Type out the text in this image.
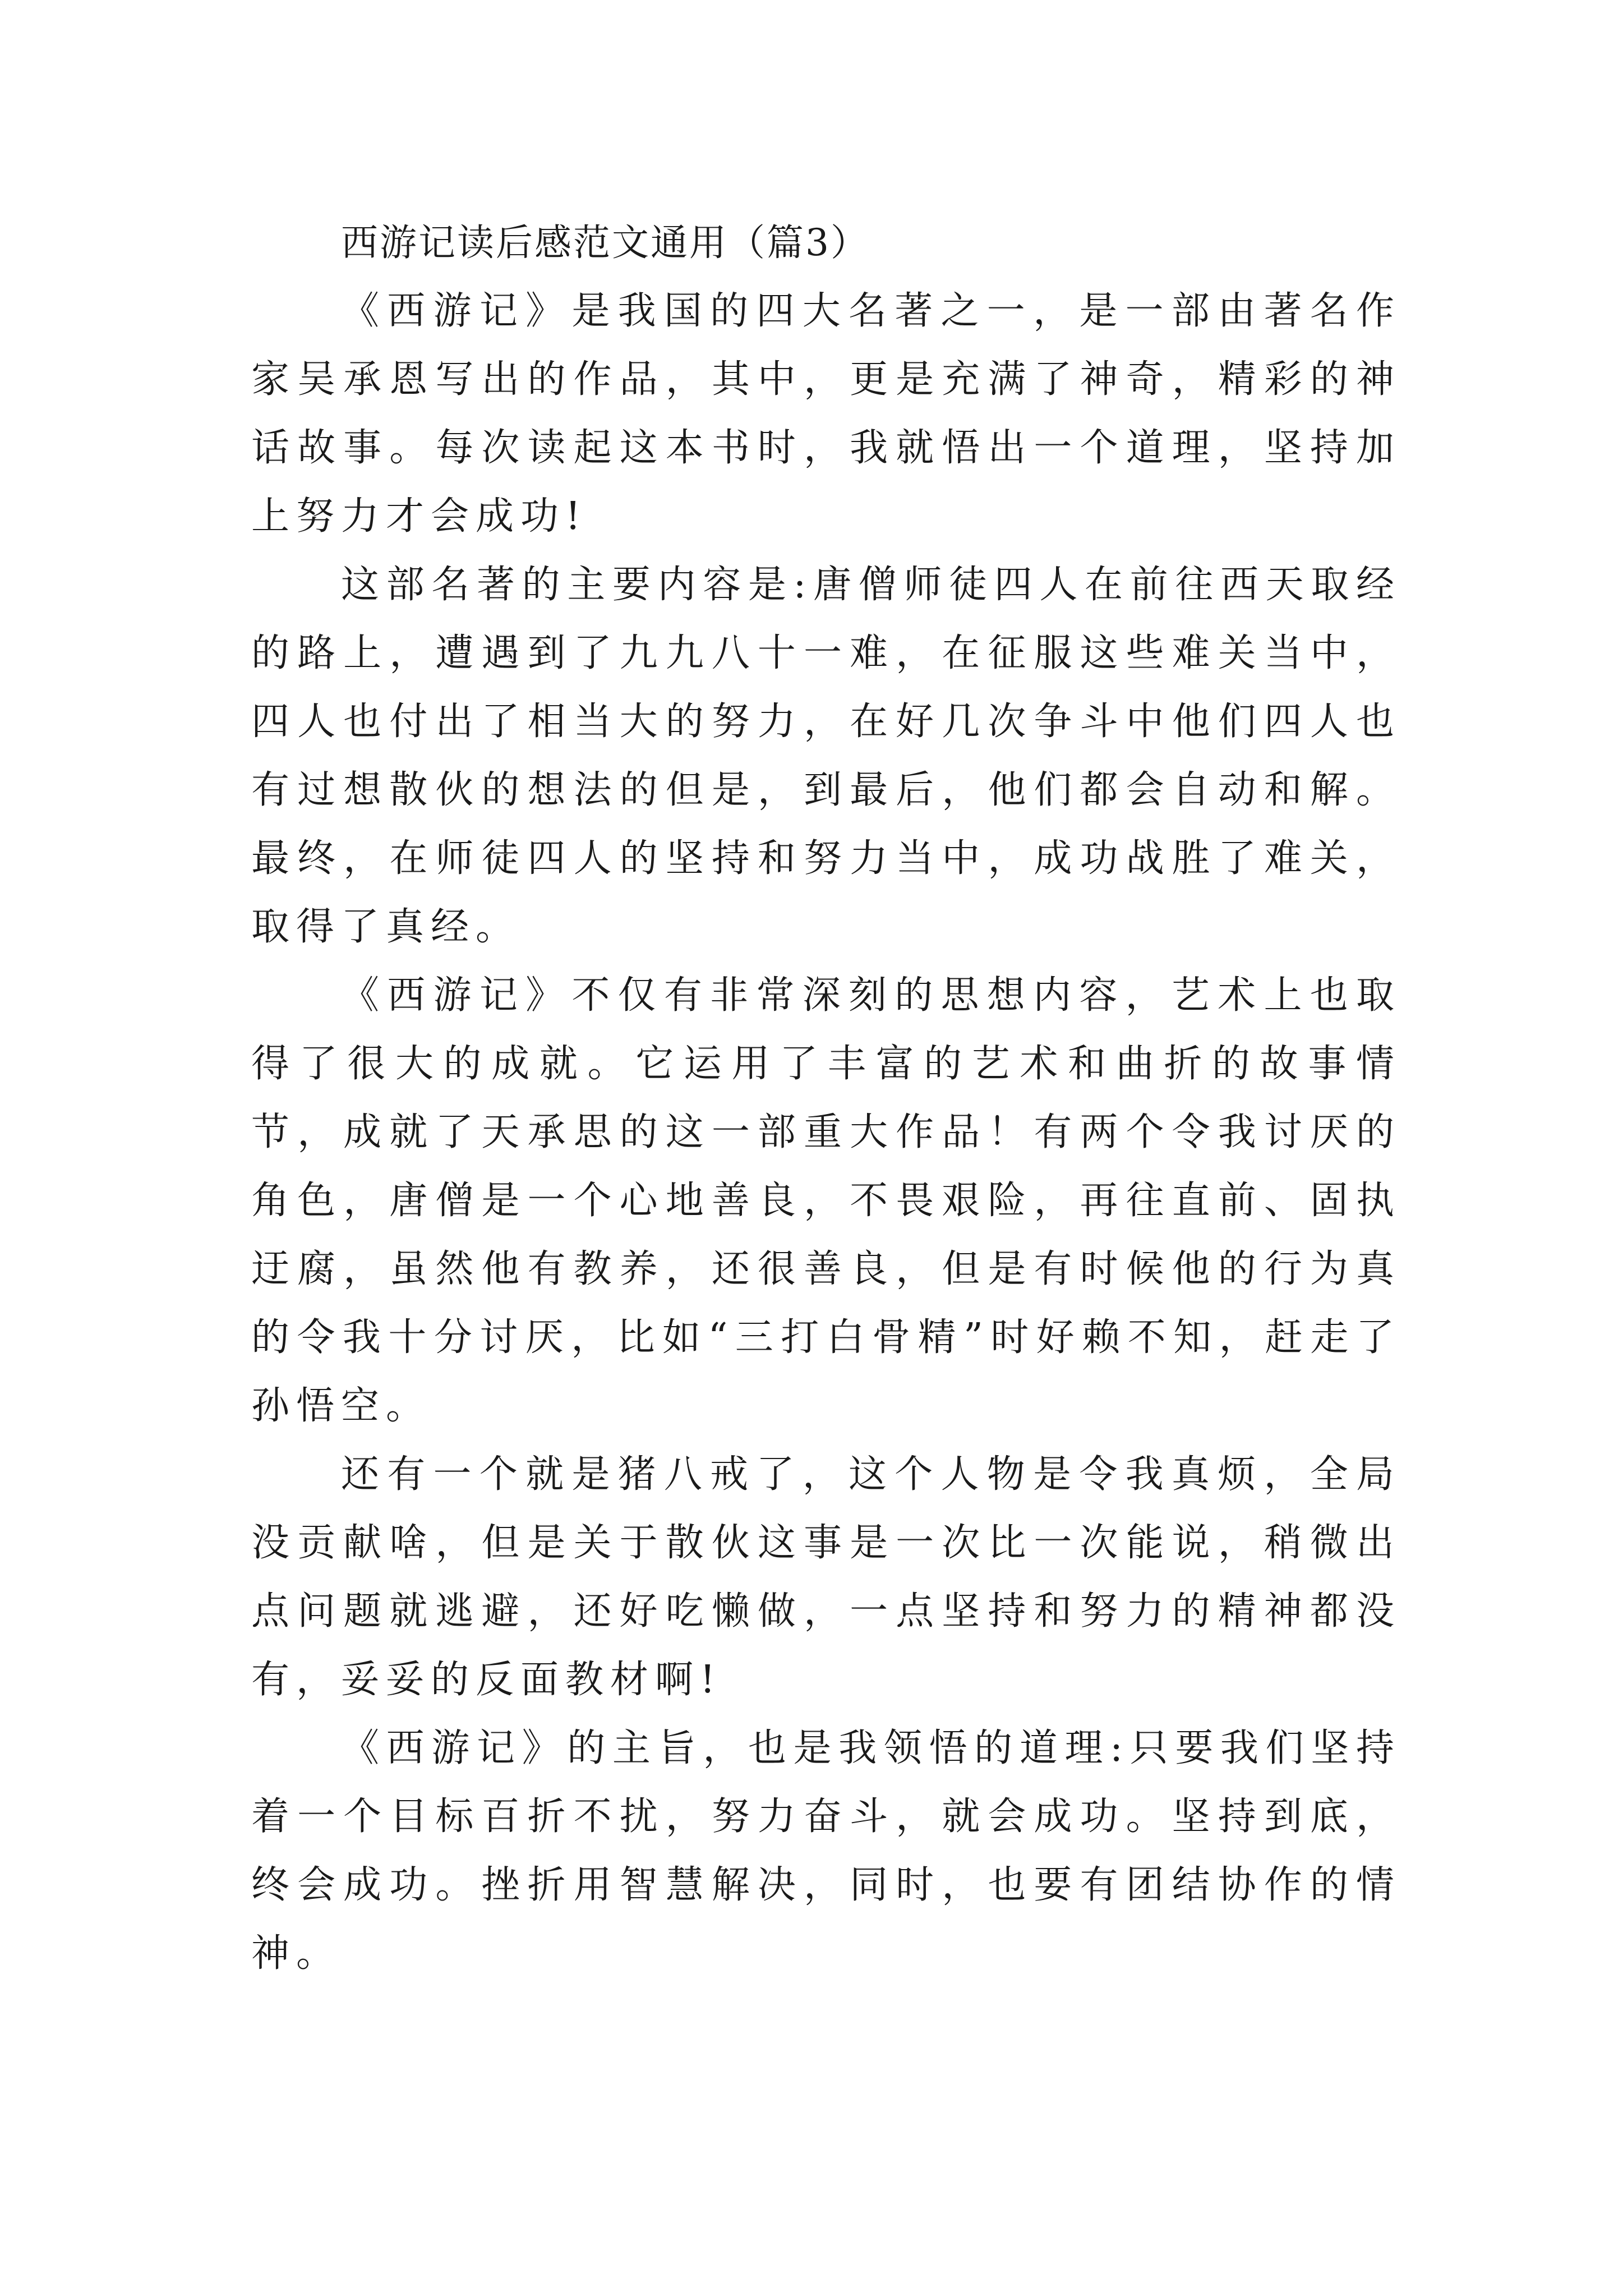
西游记读后感范文通用（篇3）

《西游记》是我国的四大名著之一，是一部由著名作家吴承恩写出的作品，其中，更是充满了神奇，精彩的神话故事。每次读起这本书时，我就悟出一个道理，坚持加上努力才会成功!

这部名著的主要内容是:唐僧师徒四人在前往西天取经的路上，遭遇到了九九八十一难，在征服这些难关当中，四人也付出了相当大的努力，在好几次争斗中他们四人也有过想散伙的想法的但是，到最后，他们都会自动和解。最终，在师徒四人的坚持和努力当中，成功战胜了难关，取得了真经。

《西游记》不仅有非常深刻的思想内容，艺术上也取得了很大的成就。它运用了丰富的艺术和曲折的故事情节，成就了天承思的这一部重大作品！有两个令我讨厌的角色，唐僧是一个心地善良，不畏艰险，再往直前、固执迂腐，虽然他有教养，还很善良，但是有时候他的行为真的令我十分讨厌，比如“三打白骨精”时好赖不知，赶走了孙悟空。

还有一个就是猪八戒了，这个人物是令我真烦，全局没贡献啥，但是关于散伙这事是一次比一次能说，稍微出点问题就逃避，还好吃懒做，一点坚持和努力的精神都没有，妥妥的反面教材啊!

《西游记》的主旨，也是我领悟的道理:只要我们坚持着一个目标百折不扰，努力奋斗，就会成功。坚持到底，终会成功。挫折用智慧解决，同时，也要有团结协作的情神。
